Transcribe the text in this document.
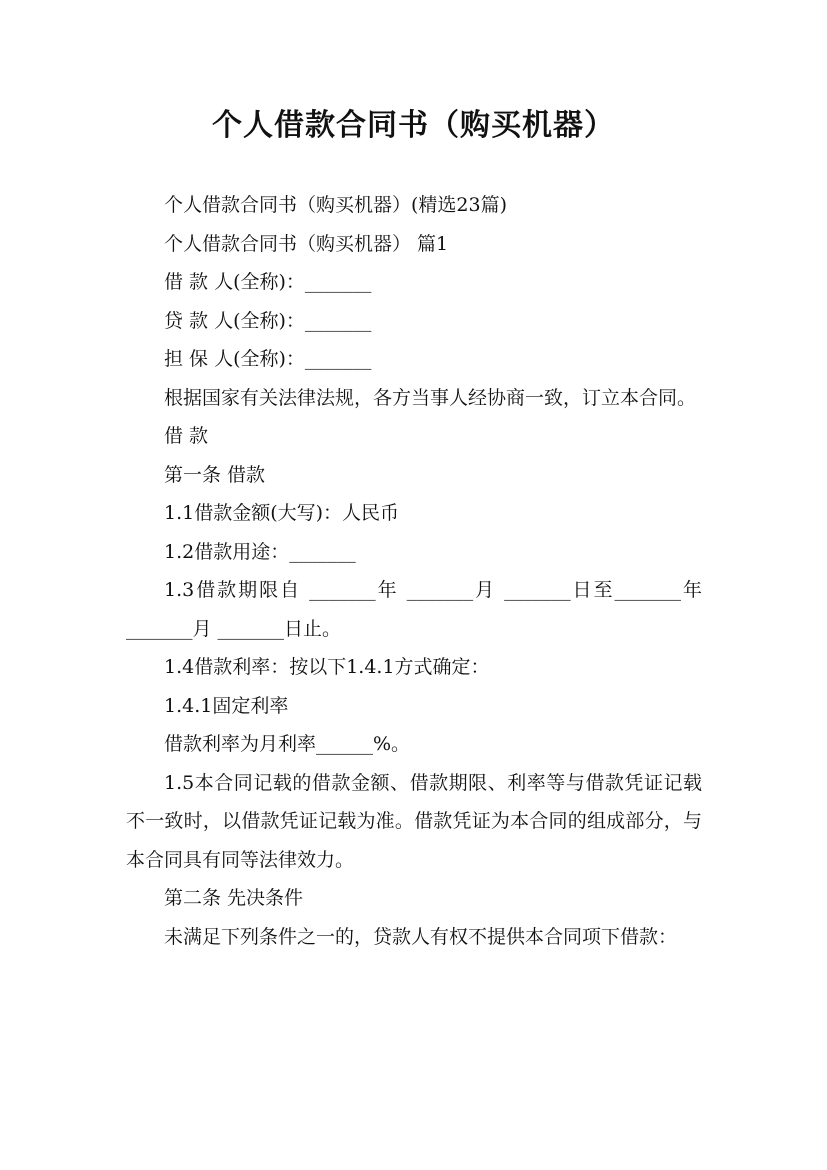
个人借款合同书（购买机器）

个人借款合同书（购买机器）(精选23篇)

个人借款合同书（购买机器） 篇1

借 款 人(全称)：_______

贷 款 人(全称)：_______

担 保 人(全称)：_______

根据国家有关法律法规，各方当事人经协商一致，订立本合同。

借 款

第一条 借款

1.1借款金额(大写)：人民币

1.2借款用途：_______

1.3借款期限自 _______年 _______月 _______日至_______年 _______月 _______日止。

1.4借款利率：按以下1.4.1方式确定：

1.4.1固定利率

借款利率为月利率______%。

1.5本合同记载的借款金额、借款期限、利率等与借款凭证记载不一致时，以借款凭证记载为准。借款凭证为本合同的组成部分，与本合同具有同等法律效力。

第二条 先决条件

未满足下列条件之一的，贷款人有权不提供本合同项下借款：
